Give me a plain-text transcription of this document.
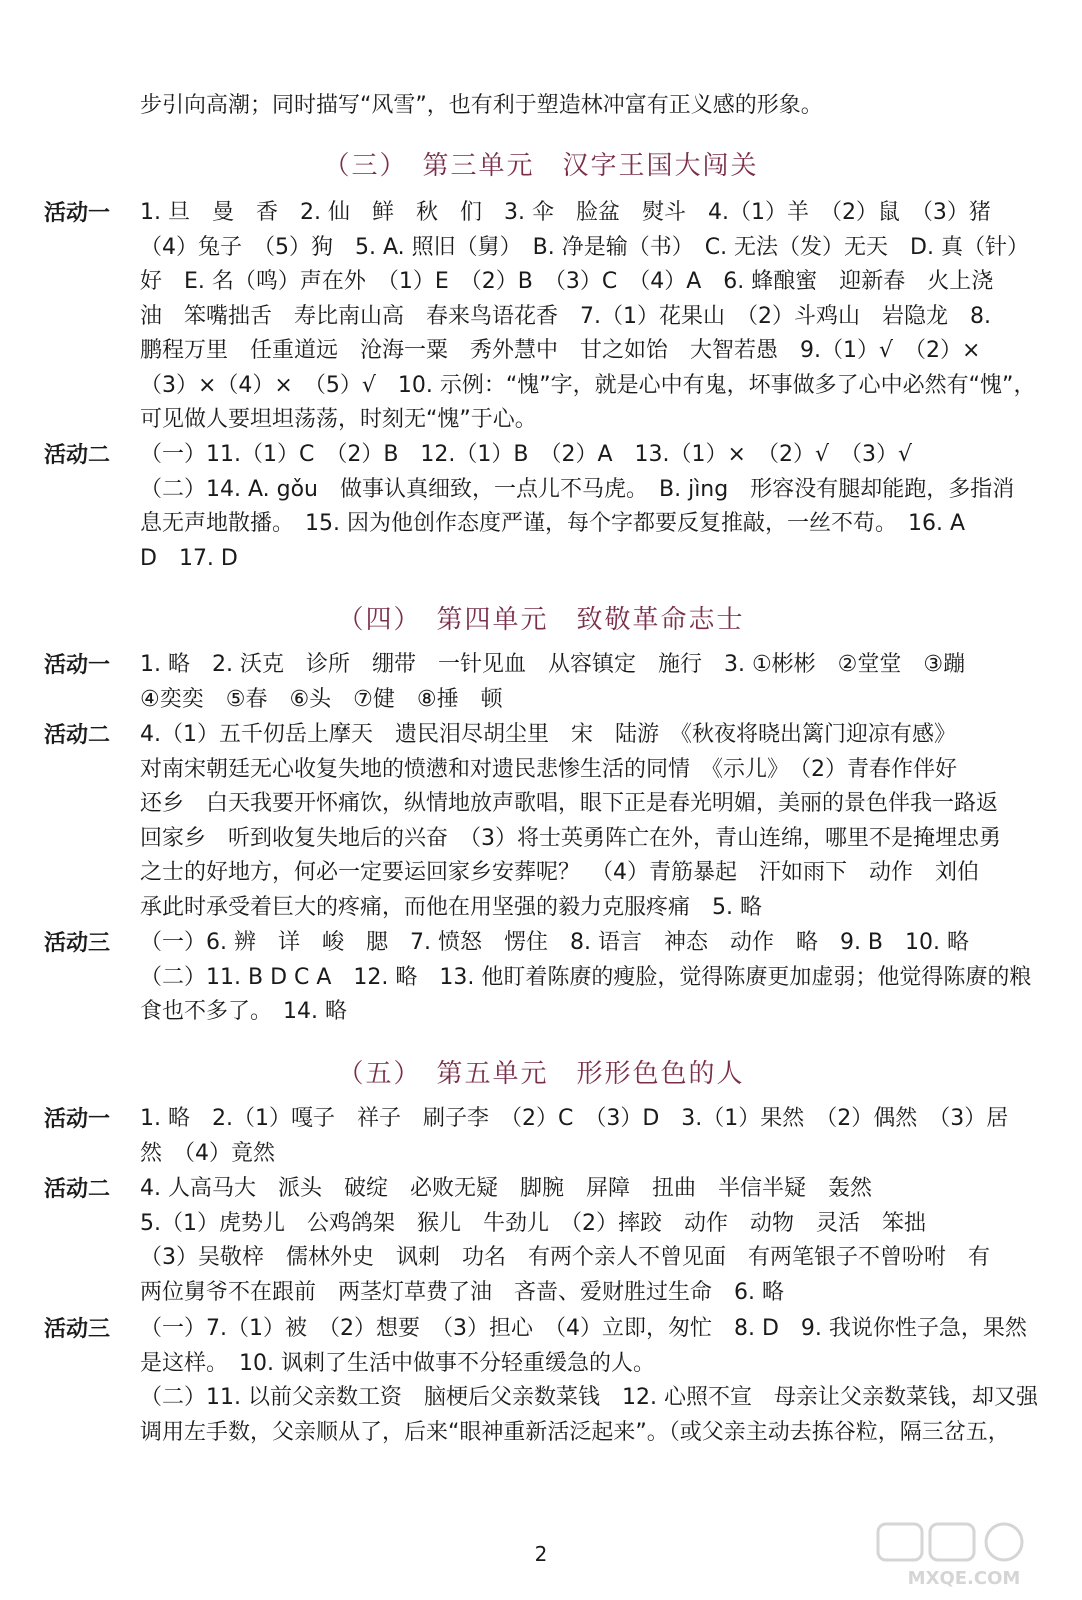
步引向高潮；同时描写“风雪”，也有利于塑造林冲富有正义感的形象。
（三）　第三单元　汉字王国大闯关
活动一 1. 旦　曼　香　2. 仙　鲜　秋　们　3. 伞　脸盆　熨斗　4.（1）羊　（2）鼠　（3）猪
（4）兔子　（5）狗　5. A. 照旧（舅）　B. 净是输（书）　C. 无法（发）无天　D. 真（针）
好　E. 名（鸣）声在外　（1）E　（2）B　（3）C　（4）A　6. 蜂酿蜜　迎新春　火上浇
油　笨嘴拙舌　寿比南山高　春来鸟语花香　7.（1）花果山　（2）斗鸡山　岩隐龙　8.
鹏程万里　任重道远　沧海一粟　秀外慧中　甘之如饴　大智若愚　9.（1）√　（2）×
（3）×（4）×　（5）√　10. 示例：“愧”字，就是心中有鬼，坏事做多了心中必然有“愧”，
可见做人要坦坦荡荡，时刻无“愧”于心。
活动二 （一）11.（1）C　（2）B　12.（1）B　（2）A　13.（1）×　（2）√　（3）√
（二）14. A. gǒu　做事认真细致，一点儿不马虎。　B. jìng　形容没有腿却能跑，多指消
息无声地散播。　15. 因为他创作态度严谨，每个字都要反复推敲，一丝不苟。　16. A
D　17. D
（四）　第四单元　致敬革命志士
活动一 1. 略　2. 沃克　诊所　绷带　一针见血　从容镇定　施行　3. ①彬彬　②堂堂　③蹦
④奕奕　⑤春　⑥头　⑦健　⑧捶　顿
活动二 4.（1）五千仞岳上摩天　遗民泪尽胡尘里　宋　陆游　《秋夜将晓出篱门迎凉有感》
对南宋朝廷无心收复失地的愤懑和对遗民悲惨生活的同情　《示儿》　（2）青春作伴好
还乡　白天我要开怀痛饮，纵情地放声歌唱，眼下正是春光明媚，美丽的景色伴我一路返
回家乡　听到收复失地后的兴奋　（3）将士英勇阵亡在外，青山连绵，哪里不是掩埋忠勇
之士的好地方，何必一定要运回家乡安葬呢？　（4）青筋暴起　汗如雨下　动作　刘伯
承此时承受着巨大的疼痛，而他在用坚强的毅力克服疼痛　5. 略
活动三 （一）6. 辨　详　峻　腮　7. 愤怒　愣住　8. 语言　神态　动作　略　9. B　10. 略
（二）11. B D C A　12. 略　13. 他盯着陈赓的瘦脸，觉得陈赓更加虚弱；他觉得陈赓的粮
食也不多了。　14. 略
（五）　第五单元　形形色色的人
活动一 1. 略　2.（1）嘎子　祥子　刷子李　（2）C　（3）D　3.（1）果然　（2）偶然　（3）居
然　（4）竟然
活动二 4. 人高马大　派头　破绽　必败无疑　脚腕　屏障　扭曲　半信半疑　轰然
5.（1）虎势儿　公鸡鸽架　猴儿　牛劲儿　（2）摔跤　动作　动物　灵活　笨拙
（3）吴敬梓　儒林外史　讽刺　功名　有两个亲人不曾见面　有两笔银子不曾吩咐　有
两位舅爷不在跟前　两茎灯草费了油　吝啬、爱财胜过生命　6. 略
活动三 （一）7.（1）被　（2）想要　（3）担心　（4）立即，匆忙　8. D　9. 我说你性子急，果然
是这样。　10. 讽刺了生活中做事不分轻重缓急的人。
（二）11. 以前父亲数工资　脑梗后父亲数菜钱　12. 心照不宣　母亲让父亲数菜钱，却又强
调用左手数，父亲顺从了，后来“眼神重新活泛起来”。（或父亲主动去拣谷粒，隔三岔五，
2
MXQE.COM
